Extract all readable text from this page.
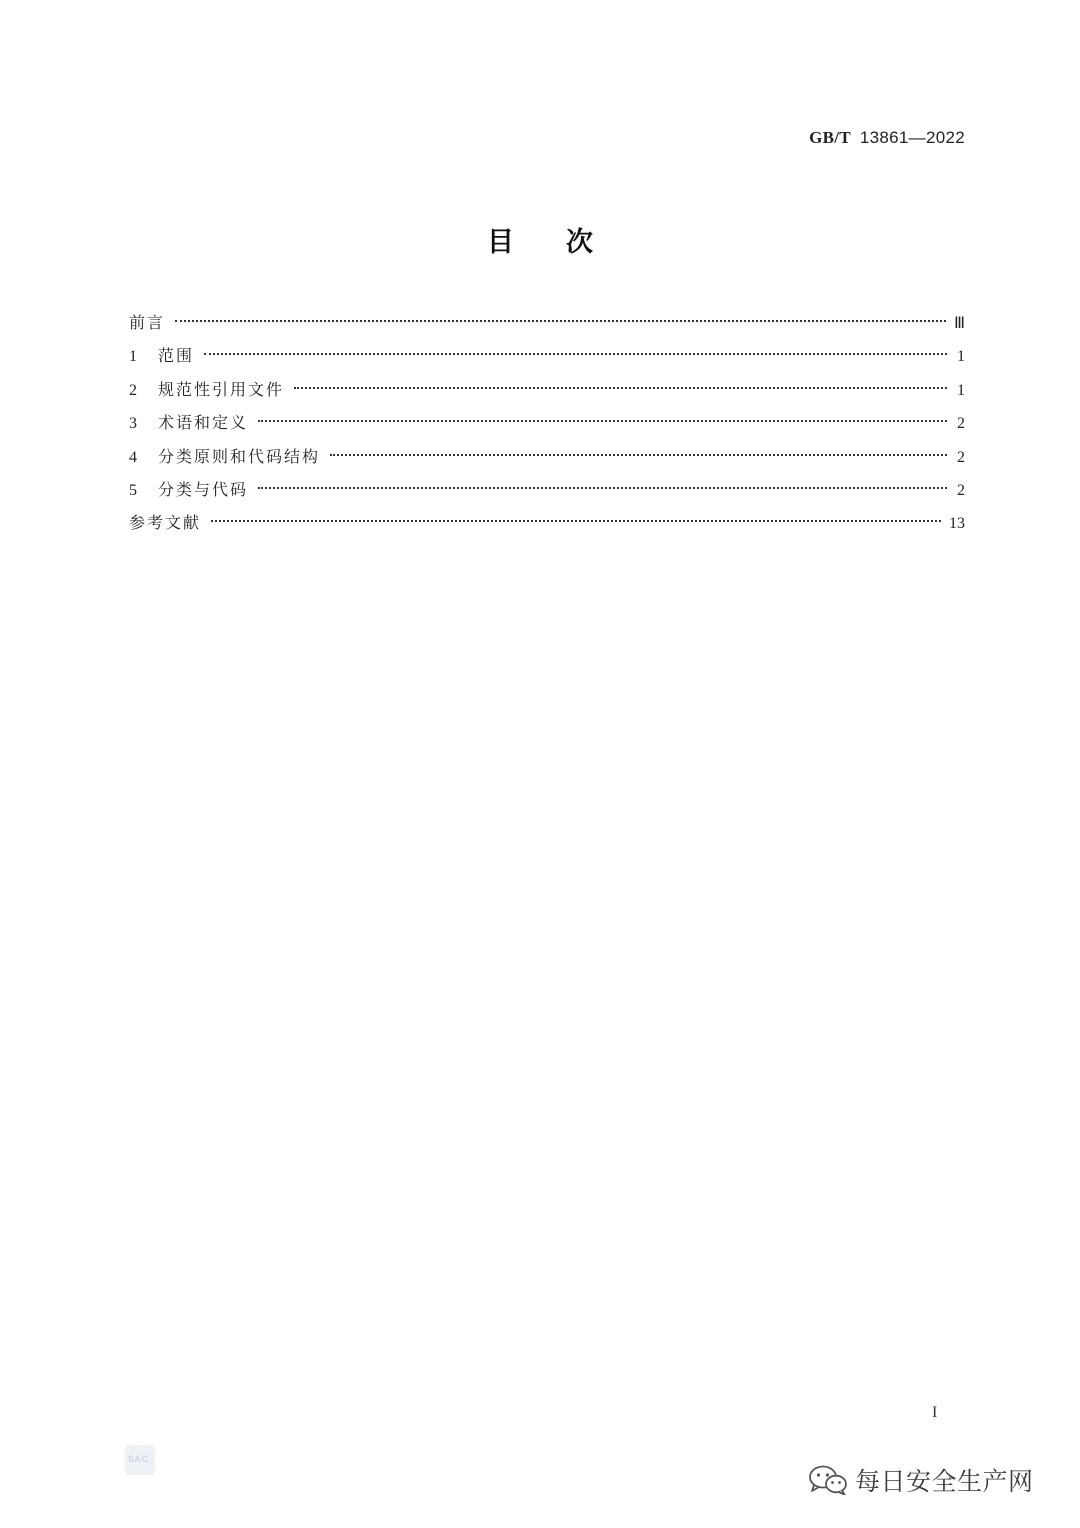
GB/T 13861—2022
目次
前言	Ⅲ
1	范围	1
2	规范性引用文件	1
3	术语和定义	2
4	分类原则和代码结构	2
5	分类与代码	2
参考文献	13
I
SAC
每日安全生产网
